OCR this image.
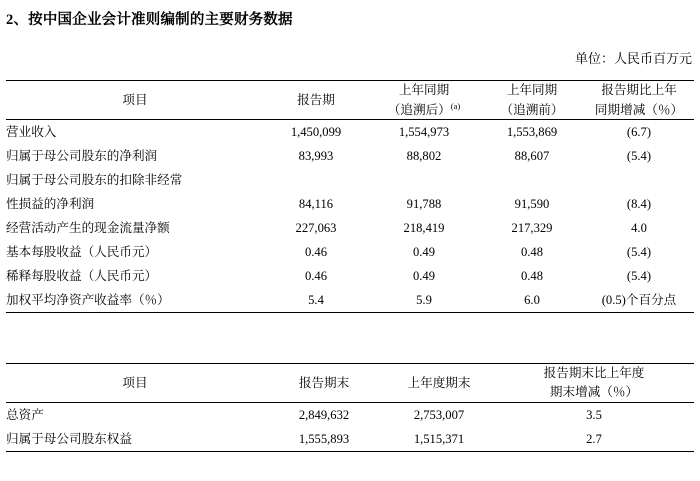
2、按中国企业会计准则编制的主要财务数据
单位：人民币百万元
项目	报告期	上年同期	上年同期	报告期比上年
		（追溯后）$^{(a)}$	（追溯前）	同期增减（％）
营业收入	1,450,099	1,554,973	1,553,869	(6.7)
归属于母公司股东的净利润	83,993	88,802	88,607	(5.4)
归属于母公司股东的扣除非经常				
性损益的净利润	84,116	91,788	91,590	(8.4)
经营活动产生的现金流量净额	227,063	218,419	217,329	4.0
基本每股收益（人民币元）	0.46	0.49	0.48	(5.4)
稀释每股收益（人民币元）	0.46	0.49	0.48	(5.4)
加权平均净资产收益率（％）	5.4	5.9	6.0	(0.5)个百分点
项目	报告期末	上年度期末	报告期末比上年度
			期末增减（％）
总资产	2,849,632	2,753,007	3.5
归属于母公司股东权益	1,555,893	1,515,371	2.7
